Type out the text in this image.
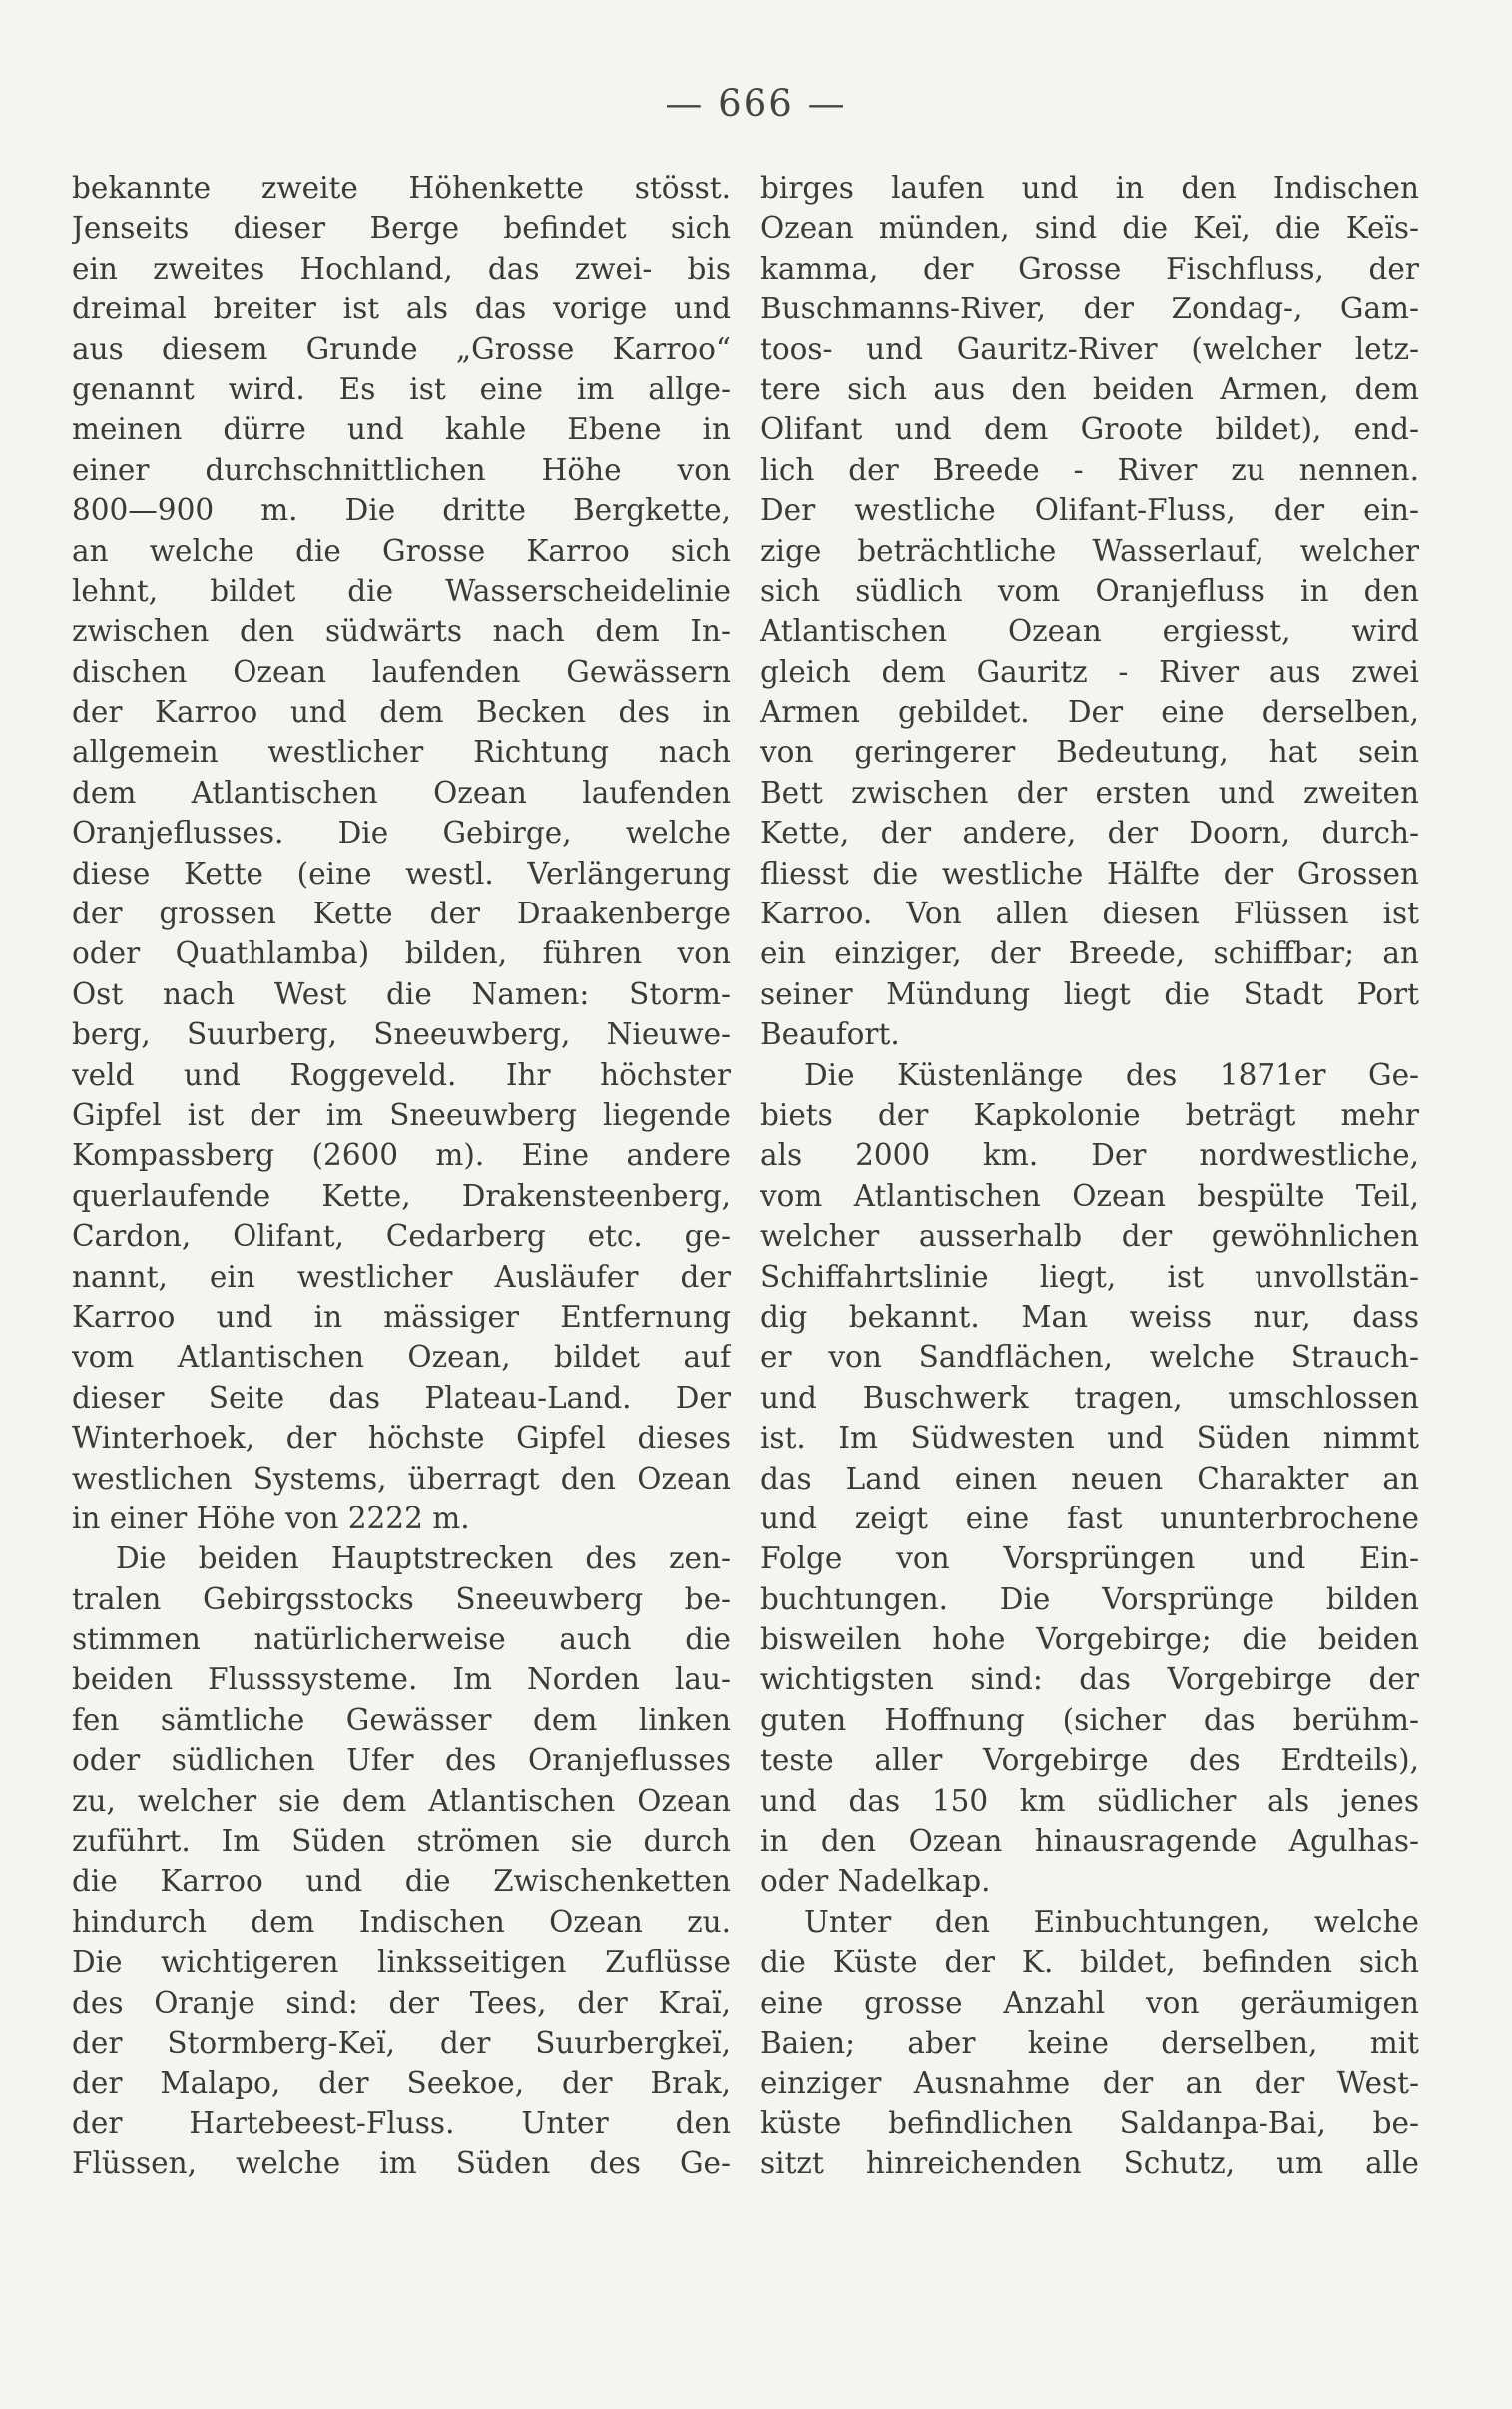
— 666 —
bekannte zweite Höhenkette stösst.
Jenseits dieser Berge befindet sich
ein zweites Hochland, das zwei- bis
dreimal breiter ist als das vorige und
aus diesem Grunde „Grosse Karroo“
genannt wird. Es ist eine im allge-
meinen dürre und kahle Ebene in
einer durchschnittlichen Höhe von
800—900 m. Die dritte Bergkette,
an welche die Grosse Karroo sich
lehnt, bildet die Wasserscheidelinie
zwischen den südwärts nach dem In-
dischen Ozean laufenden Gewässern
der Karroo und dem Becken des in
allgemein westlicher Richtung nach
dem Atlantischen Ozean laufenden
Oranjeflusses. Die Gebirge, welche
diese Kette (eine westl. Verlängerung
der grossen Kette der Draakenberge
oder Quathlamba) bilden, führen von
Ost nach West die Namen: Storm-
berg, Suurberg, Sneeuwberg, Nieuwe-
veld und Roggeveld. Ihr höchster
Gipfel ist der im Sneeuwberg liegende
Kompassberg (2600 m). Eine andere
querlaufende Kette, Drakensteenberg,
Cardon, Olifant, Cedarberg etc. ge-
nannt, ein westlicher Ausläufer der
Karroo und in mässiger Entfernung
vom Atlantischen Ozean, bildet auf
dieser Seite das Plateau-Land. Der
Winterhoek, der höchste Gipfel dieses
westlichen Systems, überragt den Ozean
in einer Höhe von 2222 m.
Die beiden Hauptstrecken des zen-
tralen Gebirgsstocks Sneeuwberg be-
stimmen natürlicherweise auch die
beiden Flusssysteme. Im Norden lau-
fen sämtliche Gewässer dem linken
oder südlichen Ufer des Oranjeflusses
zu, welcher sie dem Atlantischen Ozean
zuführt. Im Süden strömen sie durch
die Karroo und die Zwischenketten
hindurch dem Indischen Ozean zu.
Die wichtigeren linksseitigen Zuflüsse
des Oranje sind: der Tees, der Kraï,
der Stormberg-Keï, der Suurbergkeï,
der Malapo, der Seekoe, der Brak,
der Hartebeest-Fluss. Unter den
Flüssen, welche im Süden des Ge-
birges laufen und in den Indischen
Ozean münden, sind die Keï, die Keïs-
kamma, der Grosse Fischfluss, der
Buschmanns-River, der Zondag-, Gam-
toos- und Gauritz-River (welcher letz-
tere sich aus den beiden Armen, dem
Olifant und dem Groote bildet), end-
lich der Breede - River zu nennen.
Der westliche Olifant-Fluss, der ein-
zige beträchtliche Wasserlauf, welcher
sich südlich vom Oranjefluss in den
Atlantischen Ozean ergiesst, wird
gleich dem Gauritz - River aus zwei
Armen gebildet. Der eine derselben,
von geringerer Bedeutung, hat sein
Bett zwischen der ersten und zweiten
Kette, der andere, der Doorn, durch-
fliesst die westliche Hälfte der Grossen
Karroo. Von allen diesen Flüssen ist
ein einziger, der Breede, schiffbar; an
seiner Mündung liegt die Stadt Port
Beaufort.
Die Küstenlänge des 1871er Ge-
biets der Kapkolonie beträgt mehr
als 2000 km. Der nordwestliche,
vom Atlantischen Ozean bespülte Teil,
welcher ausserhalb der gewöhnlichen
Schiffahrtslinie liegt, ist unvollstän-
dig bekannt. Man weiss nur, dass
er von Sandflächen, welche Strauch-
und Buschwerk tragen, umschlossen
ist. Im Südwesten und Süden nimmt
das Land einen neuen Charakter an
und zeigt eine fast ununterbrochene
Folge von Vorsprüngen und Ein-
buchtungen. Die Vorsprünge bilden
bisweilen hohe Vorgebirge; die beiden
wichtigsten sind: das Vorgebirge der
guten Hoffnung (sicher das berühm-
teste aller Vorgebirge des Erdteils),
und das 150 km südlicher als jenes
in den Ozean hinausragende Agulhas-
oder Nadelkap.
Unter den Einbuchtungen, welche
die Küste der K. bildet, befinden sich
eine grosse Anzahl von geräumigen
Baien; aber keine derselben, mit
einziger Ausnahme der an der West-
küste befindlichen Saldanpa-Bai, be-
sitzt hinreichenden Schutz, um alle
